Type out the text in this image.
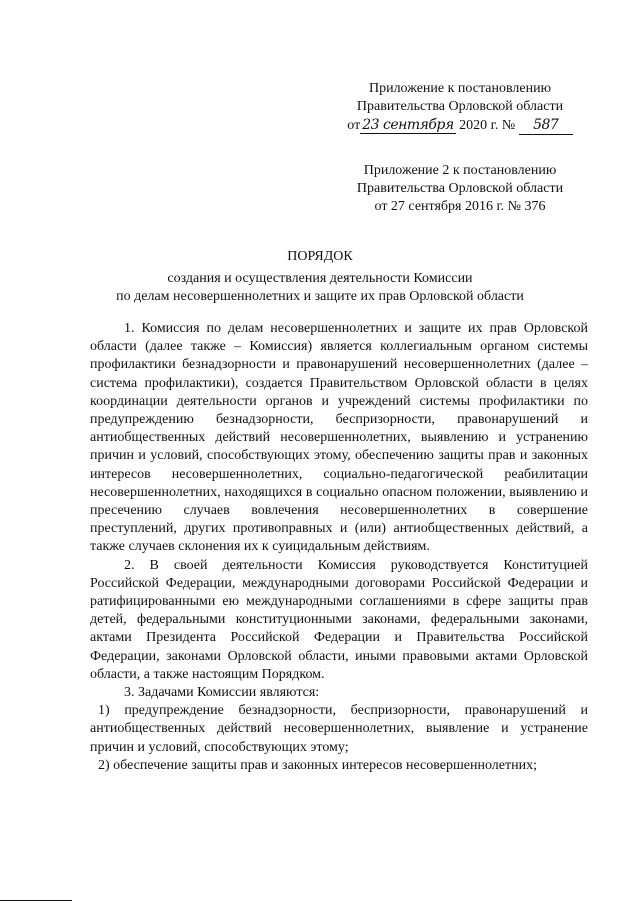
Приложение к постановлению
Правительства Орловской области
от 23 сентября 2020 г. № 587
Приложение 2 к постановлению
Правительства Орловской области
от 27 сентября 2016 г. № 376
ПОРЯДОК
создания и осуществления деятельности Комиссии
по делам несовершеннолетних и защите их прав Орловской области

1. Комиссия по делам несовершеннолетних и защите их прав Орловской области (далее также – Комиссия) является коллегиальным органом системы профилактики безнадзорности и правонарушений несовершеннолетних (далее – система профилактики), создается Правительством Орловской области в целях координации деятельности органов и учреждений системы профилактики по предупреждению безнадзорности, беспризорности, правонарушений и антиобщественных действий несовершеннолетних, выявлению и устранению причин и условий, способствующих этому, обеспечению защиты прав и законных интересов несовершеннолетних, социально-педагогической реабилитации несовершеннолетних, находящихся в социально опасном положении, выявлению и пресечению случаев вовлечения несовершеннолетних в совершение преступлений, других противоправных и (или) антиобщественных действий, а также случаев склонения их к суицидальным действиям.

2. В своей деятельности Комиссия руководствуется Конституцией Российской Федерации, международными договорами Российской Федерации и ратифицированными ею международными соглашениями в сфере защиты прав детей, федеральными конституционными законами, федеральными законами, актами Президента Российской Федерации и Правительства Российской Федерации, законами Орловской области, иными правовыми актами Орловской области, а также настоящим Порядком.

3. Задачами Комиссии являются:

1) предупреждение безнадзорности, беспризорности, правонарушений и антиобщественных действий несовершеннолетних, выявление и устранение причин и условий, способствующих этому;

2) обеспечение защиты прав и законных интересов несовершеннолетних;
